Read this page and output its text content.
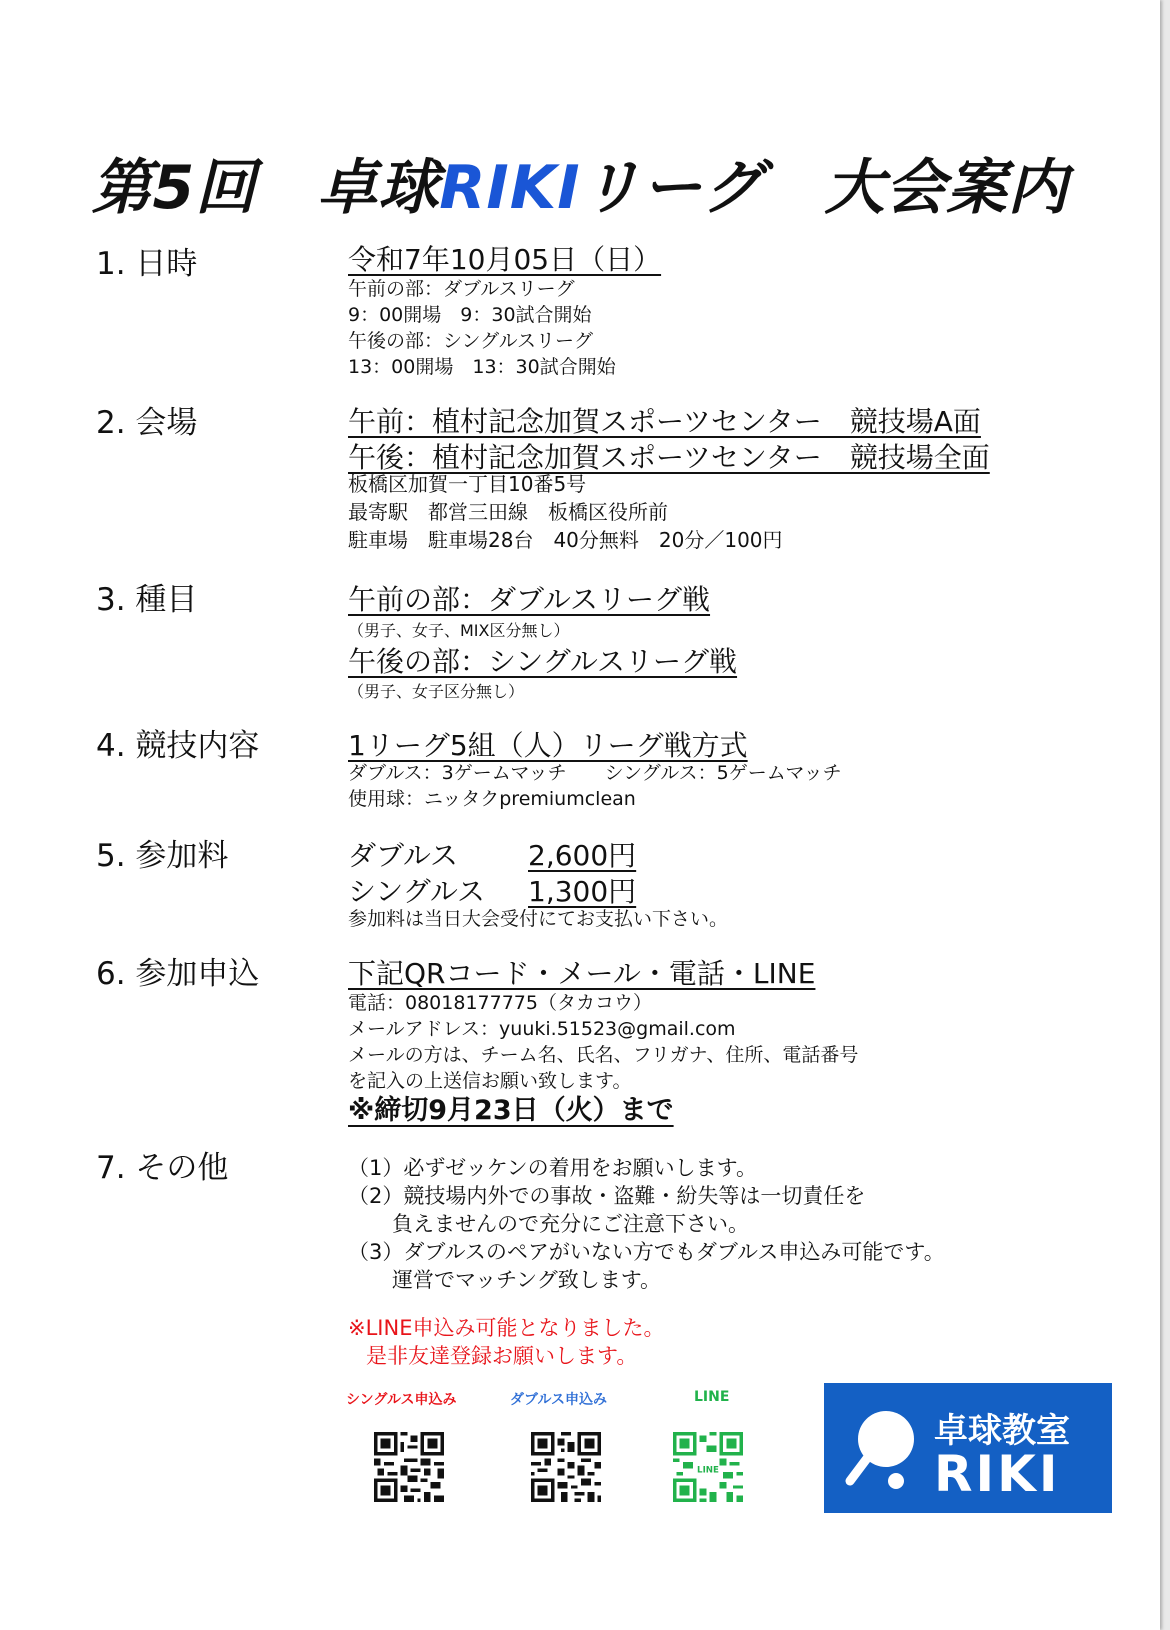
第5回　卓球RIKIリーグ　大会案内
1. 日時	令和7年10月05日（日）
午前の部：ダブルスリーグ
9：00開場　9：30試合開始
午後の部：シングルスリーグ
13：00開場　13：30試合開始
2. 会場	午前：植村記念加賀スポーツセンター　競技場A面
午後：植村記念加賀スポーツセンター　競技場全面
板橋区加賀一丁目10番5号
最寄駅　都営三田線　板橋区役所前
駐車場　駐車場28台　40分無料　20分／100円
3. 種目	午前の部：ダブルスリーグ戦
（男子、女子、MIX区分無し）
午後の部：シングルスリーグ戦
（男子、女子区分無し）
4. 競技内容	1リーグ5組（人）リーグ戦方式
ダブルス：3ゲームマッチ　　シングルス：5ゲームマッチ
使用球：ニッタクpremiumclean
5. 参加料	ダブルス 2,600円
シングルス 1,300円
参加料は当日大会受付にてお支払い下さい。
6. 参加申込	下記QRコード・メール・電話・LINE
電話：08018177775（タカコウ）
メールアドレス：yuuki.51523@gmail.com
メールの方は、チーム名、氏名、フリガナ、住所、電話番号
を記入の上送信お願い致します。
※締切9月23日（火）まで
7. その他	（1）必ずゼッケンの着用をお願いします。
（2）競技場内外での事故・盗難・紛失等は一切責任を
負えませんので充分にご注意下さい。
（3）ダブルスのペアがいない方でもダブルス申込み可能です。
運営でマッチング致します。
※LINE申込み可能となりました。
是非友達登録お願いします。
シングルス申込み	ダブルス申込み	LINE
LINE
卓球教室
RIKI
